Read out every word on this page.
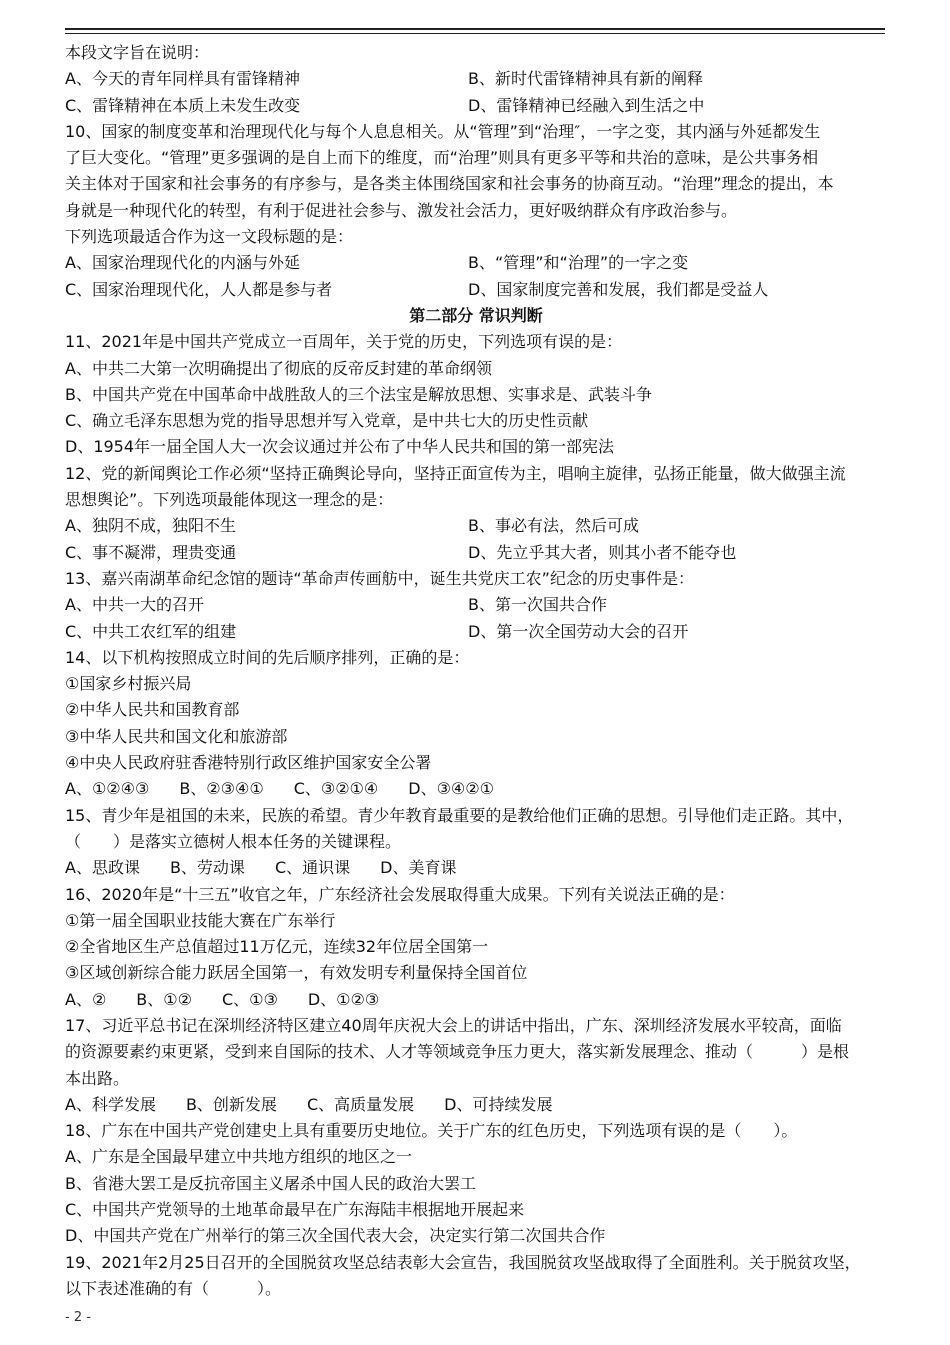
本段文字旨在说明：
A、今天的青年同样具有雷锋精神	B、新时代雷锋精神具有新的阐释
C、雷锋精神在本质上未发生改变	D、雷锋精神已经融入到生活之中
10、国家的制度变革和治理现代化与每个人息息相关。从“管理”到“治理″，一字之变，其内涵与外延都发生
了巨大变化。“管理”更多强调的是自上而下的维度，而“治理”则具有更多平等和共治的意味，是公共事务相
关主体对于国家和社会事务的有序参与，是各类主体围绕国家和社会事务的协商互动。“治理”理念的提出，本
身就是一种现代化的转型，有利于促进社会参与、激发社会活力，更好吸纳群众有序政治参与。
下列选项最适合作为这一文段标题的是：
A、国家治理现代化的内涵与外延	B、“管理”和“治理”的一字之变
C、国家治理现代化，人人都是参与者	D、国家制度完善和发展，我们都是受益人
第二部分 常识判断
11、2021年是中国共产党成立一百周年，关于党的历史，下列选项有误的是：
A、中共二大第一次明确提出了彻底的反帝反封建的革命纲领
B、中国共产党在中国革命中战胜敌人的三个法宝是解放思想、实事求是、武装斗争
C、确立毛泽东思想为党的指导思想并写入党章，是中共七大的历史性贡献
D、1954年一届全国人大一次会议通过并公布了中华人民共和国的第一部宪法
12、党的新闻舆论工作必须“坚持正确舆论导向，坚持正面宣传为主，唱响主旋律，弘扬正能量，做大做强主流
思想舆论”。下列选项最能体现这一理念的是：
A、独阴不成，独阳不生	B、事必有法，然后可成
C、事不凝滞，理贵变通	D、先立乎其大者，则其小者不能夺也
13、嘉兴南湖革命纪念馆的题诗“革命声传画舫中，诞生共党庆工农”纪念的历史事件是：
A、中共一大的召开	B、第一次国共合作
C、中共工农红军的组建	D、第一次全国劳动大会的召开
14、以下机构按照成立时间的先后顺序排列，正确的是：
①国家乡村振兴局
②中华人民共和国教育部
③中华人民共和国文化和旅游部
④中央人民政府驻香港特别行政区维护国家安全公署
A、①②④③	B、②③④①	C、③②①④	D、③④②①
15、青少年是祖国的未来，民族的希望。青少年教育最重要的是教给他们正确的思想。引导他们走正路。其中，
（　　）是落实立德树人根本任务的关键课程。
A、思政课	B、劳动课	C、通识课	D、美育课
16、2020年是“十三五”收官之年，广东经济社会发展取得重大成果。下列有关说法正确的是：
①第一届全国职业技能大赛在广东举行
②全省地区生产总值超过11万亿元，连续32年位居全国第一
③区域创新综合能力跃居全国第一，有效发明专利量保持全国首位
A、②	B、①②	C、①③	D、①②③
17、习近平总书记在深圳经济特区建立40周年庆祝大会上的讲话中指出，广东、深圳经济发展水平较高，面临
的资源要素约束更紧，受到来自国际的技术、人才等领域竞争压力更大，落实新发展理念、推动（　　　）是根
本出路。
A、科学发展	B、创新发展	C、高质量发展	D、可持续发展
18、广东在中国共产党创建史上具有重要历史地位。关于广东的红色历史，下列选项有误的是（　　）。
A、广东是全国最早建立中共地方组织的地区之一
B、省港大罢工是反抗帝国主义屠杀中国人民的政治大罢工
C、中国共产党领导的土地革命最早在广东海陆丰根据地开展起来
D、中国共产党在广州举行的第三次全国代表大会，决定实行第二次国共合作
19、2021年2月25日召开的全国脱贫攻坚总结表彰大会宣告，我国脱贫攻坚战取得了全面胜利。关于脱贫攻坚，
以下表述准确的有（　　　）。
- 2 -
